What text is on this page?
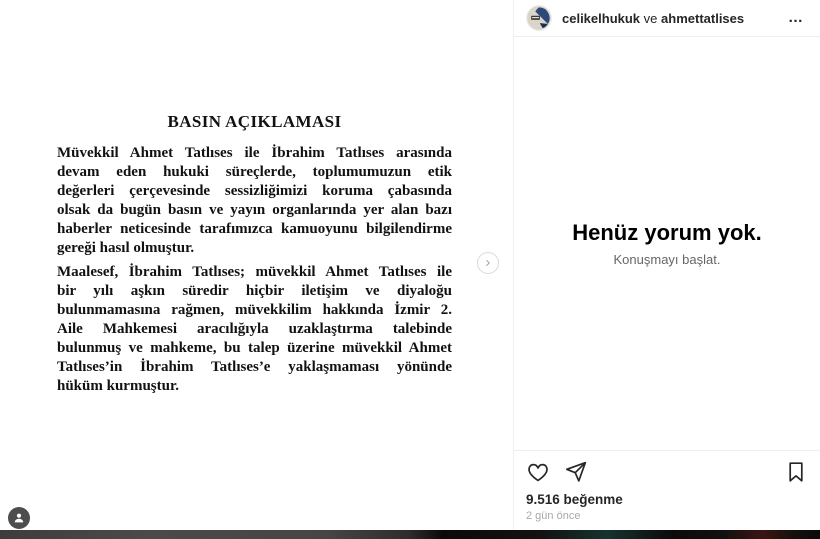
BASIN AÇIKLAMASI
Müvekkil Ahmet Tatlıses ile İbrahim Tatlıses arasında
devam eden hukuki süreçlerde, toplumumuzun etik
değerleri çerçevesinde sessizliğimizi koruma çabasında
olsak da bugün basın ve yayın organlarında yer alan bazı
haberler neticesinde tarafımızca kamuoyunu bilgilendirme
gereği hasıl olmuştur.
Maalesef, İbrahim Tatlıses; müvekkil Ahmet Tatlıses ile
bir yılı aşkın süredir hiçbir iletişim ve diyaloğu
bulunmamasına rağmen, müvekkilim hakkında İzmir 2.
Aile Mahkemesi aracılığıyla uzaklaştırma talebinde
bulunmuş ve mahkeme, bu talep üzerine müvekkil Ahmet
Tatlıses’in İbrahim Tatlıses’e yaklaşmaması yönünde
hüküm kurmuştur.
celikelhukuk ve ahmettatlises	…
Henüz yorum yok.
Konuşmayı başlat.
9.516 beğenme
2 gün önce
